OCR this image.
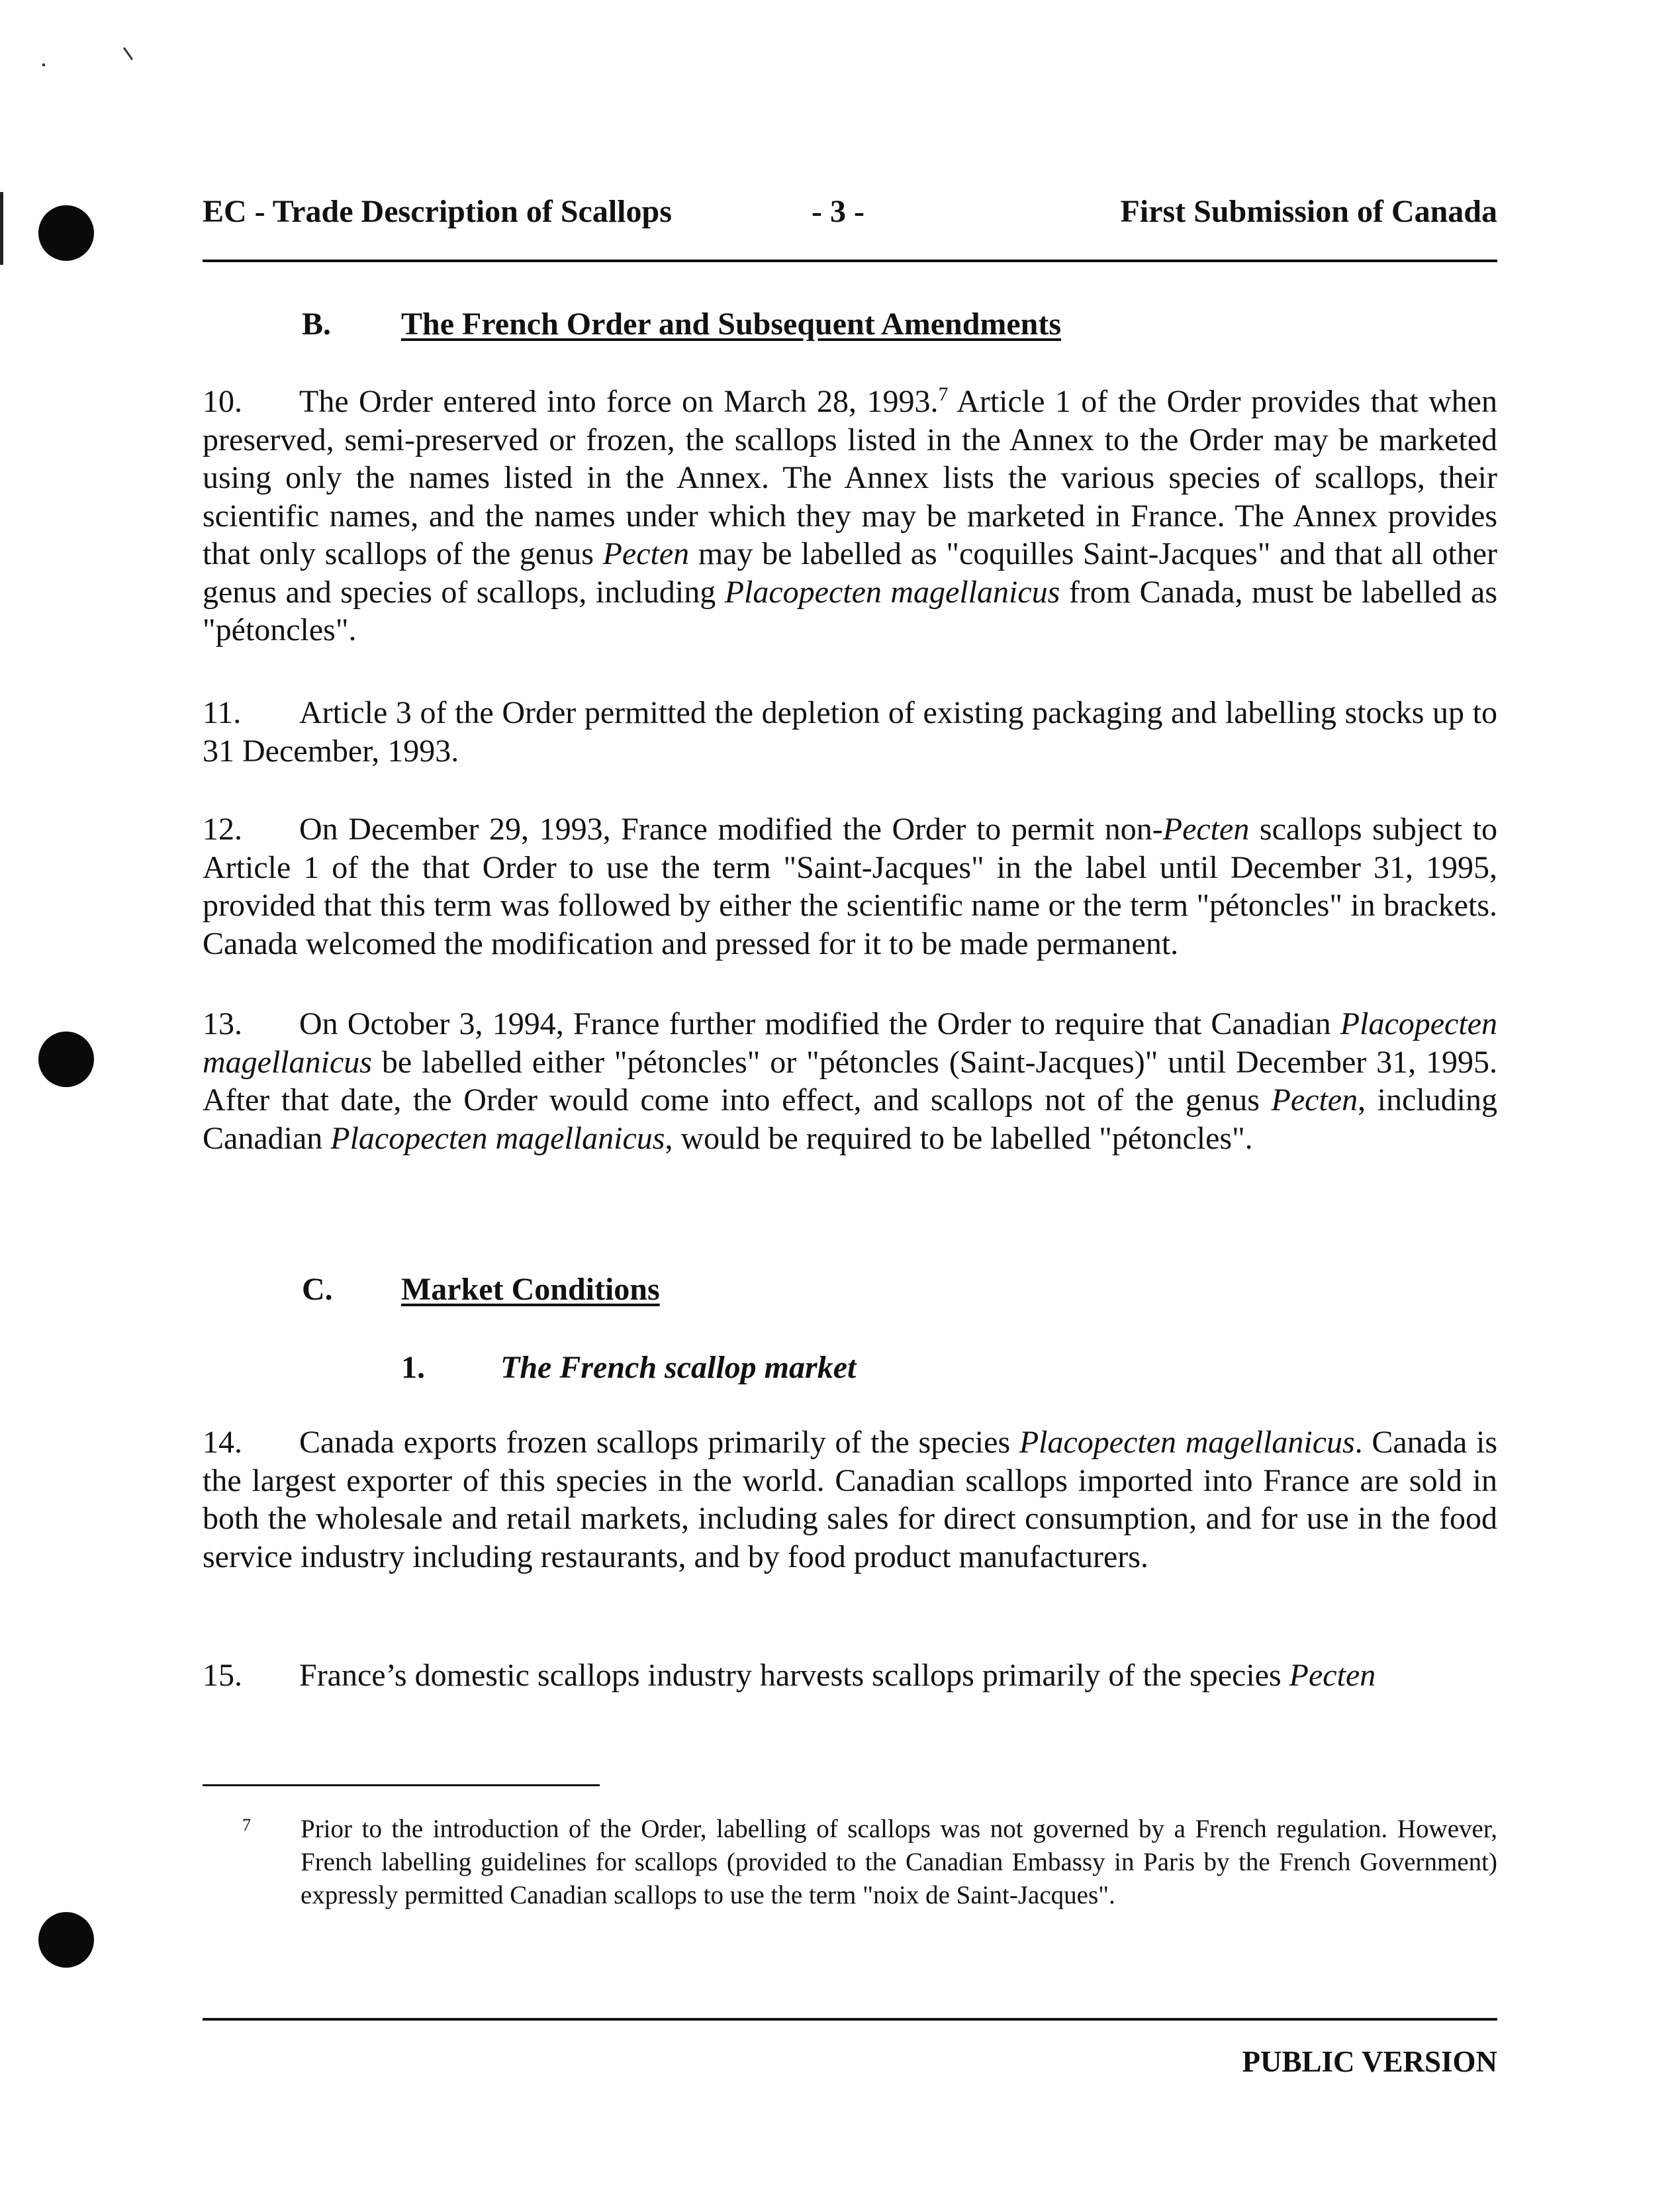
EC - Trade Description of Scallops	- 3 -	First Submission of Canada
B. The French Order and Subsequent Amendments
10. The Order entered into force on March 28, 1993.$^7$ Article 1 of the Order provides that when preserved, semi-preserved or frozen, the scallops listed in the Annex to the Order may be marketed using only the names listed in the Annex. The Annex lists the various species of scallops, their scientific names, and the names under which they may be marketed in France. The Annex provides that only scallops of the genus Pecten may be labelled as "coquilles Saint-Jacques" and that all other genus and species of scallops, including Placopecten magellanicus from Canada, must be labelled as "pétoncles".
11. Article 3 of the Order permitted the depletion of existing packaging and labelling stocks up to 31 December, 1993.
12. On December 29, 1993, France modified the Order to permit non-Pecten scallops subject to Article 1 of the that Order to use the term "Saint-Jacques" in the label until December 31, 1995, provided that this term was followed by either the scientific name or the term "pétoncles" in brackets. Canada welcomed the modification and pressed for it to be made permanent.
13. On October 3, 1994, France further modified the Order to require that Canadian Placopecten magellanicus be labelled either "pétoncles" or "pétoncles (Saint-Jacques)" until December 31, 1995. After that date, the Order would come into effect, and scallops not of the genus Pecten, including Canadian Placopecten magellanicus, would be required to be labelled "pétoncles".
C. Market Conditions
1. The French scallop market
14. Canada exports frozen scallops primarily of the species Placopecten magellanicus. Canada is the largest exporter of this species in the world. Canadian scallops imported into France are sold in both the wholesale and retail markets, including sales for direct consumption, and for use in the food service industry including restaurants, and by food product manufacturers.
15. France’s domestic scallops industry harvests scallops primarily of the species Pecten
7 Prior to the introduction of the Order, labelling of scallops was not governed by a French regulation. However, French labelling guidelines for scallops (provided to the Canadian Embassy in Paris by the French Government) expressly permitted Canadian scallops to use the term "noix de Saint-Jacques".
PUBLIC VERSION
